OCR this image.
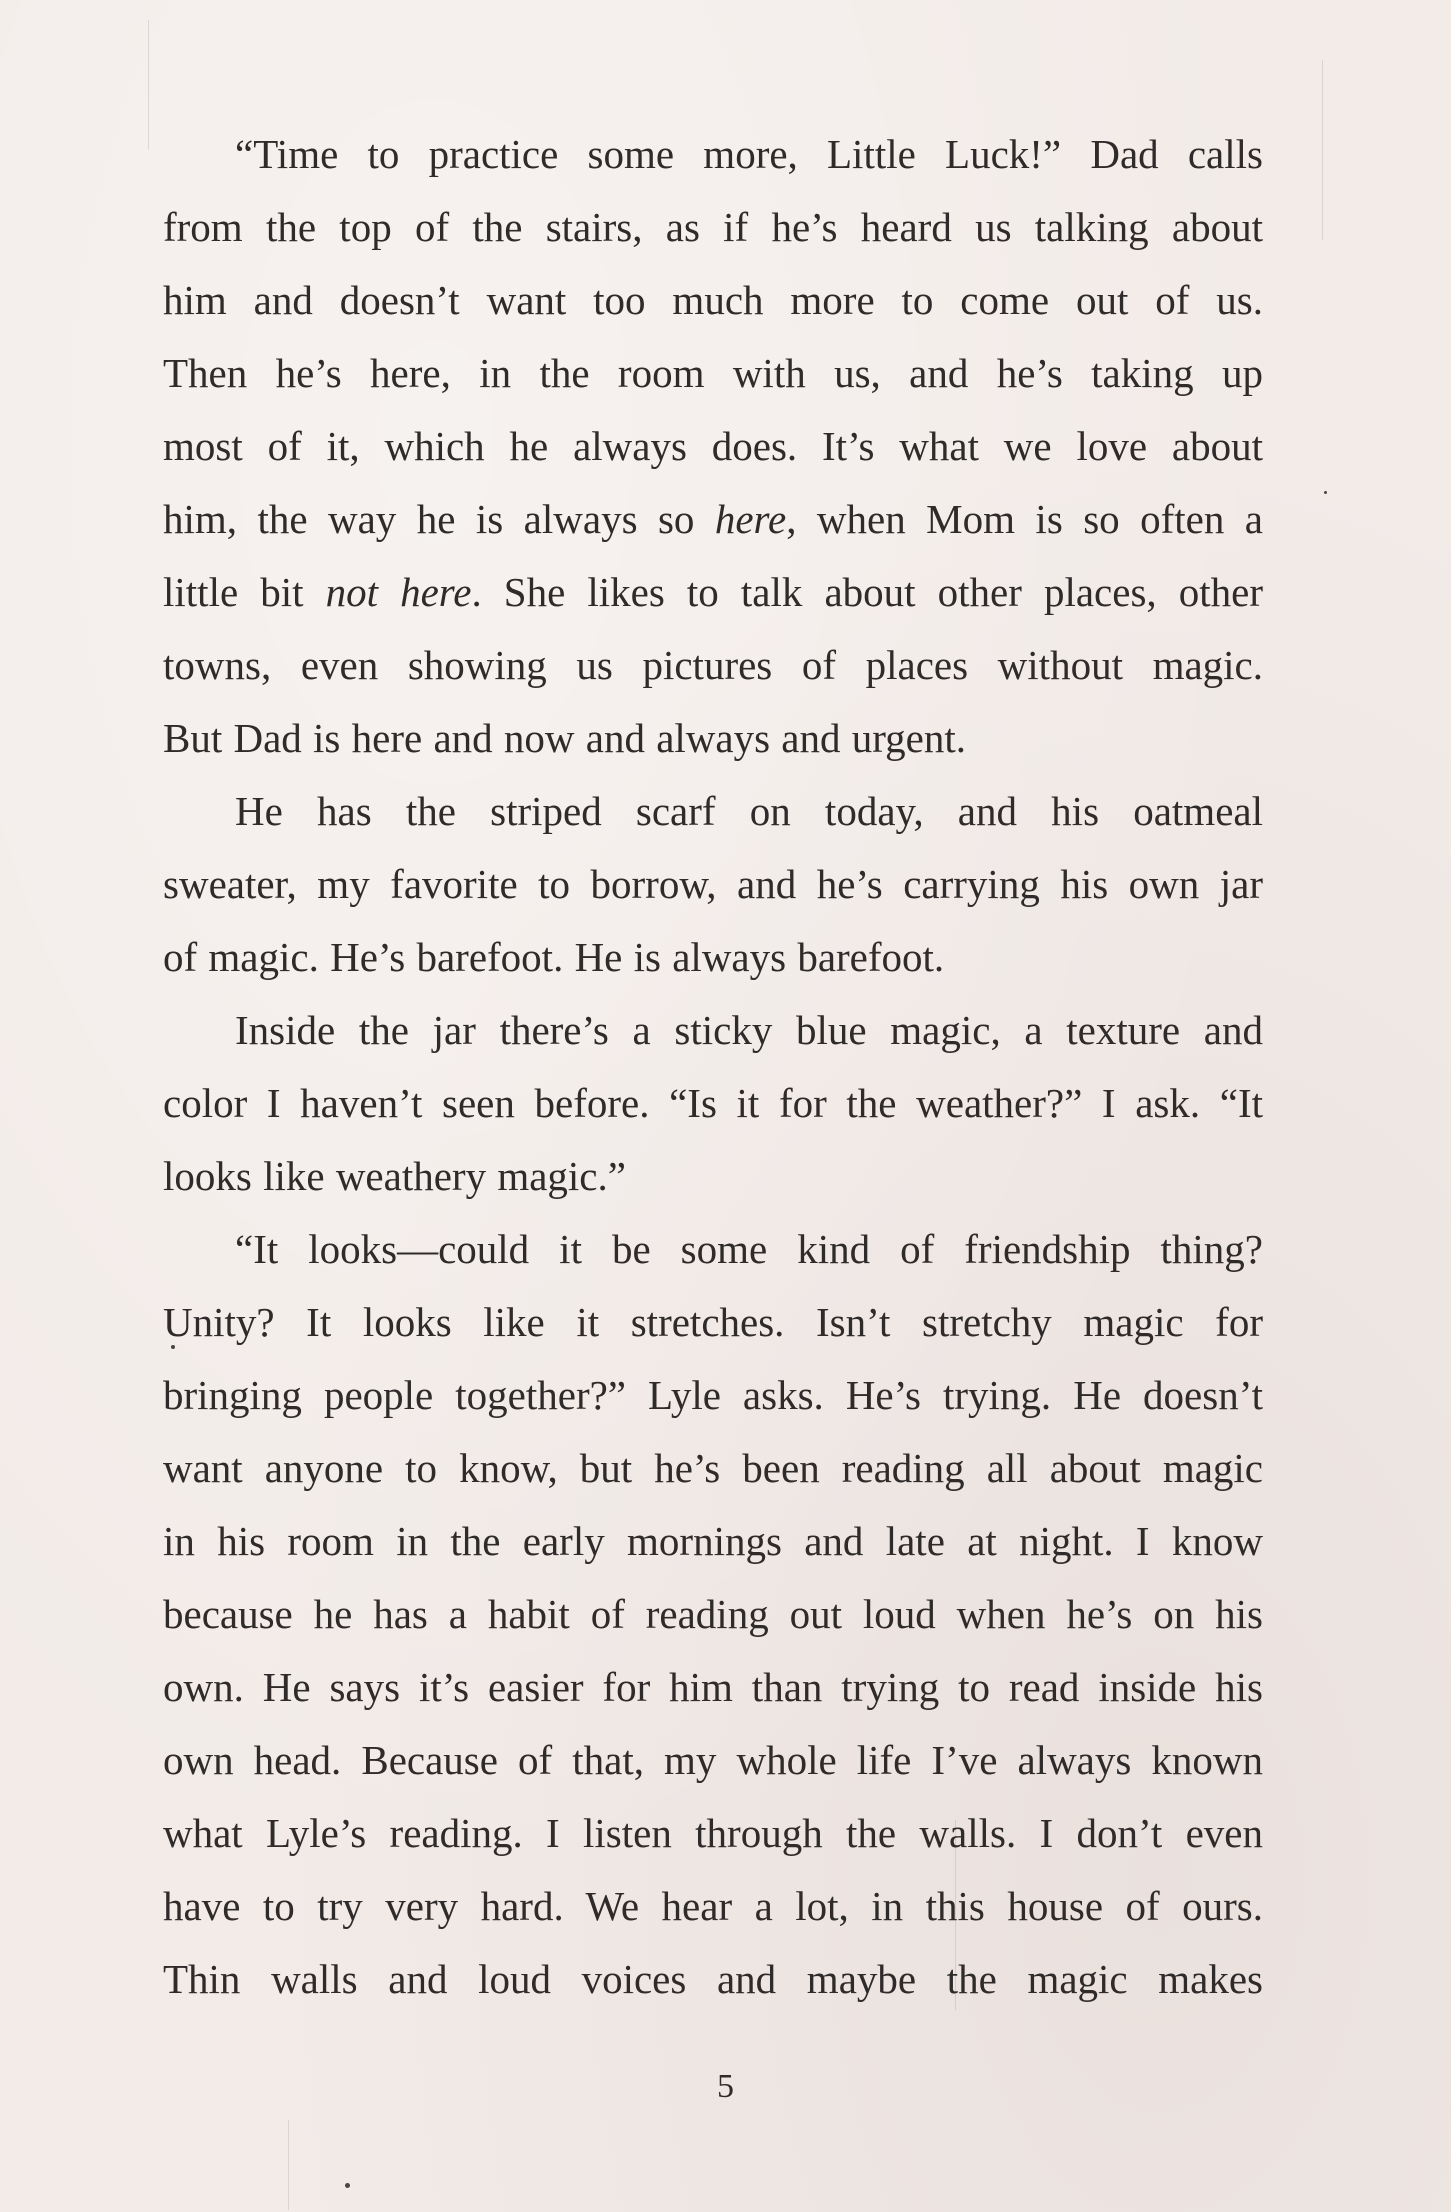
“Time to practice some more, Little Luck!” Dad calls
from the top of the stairs, as if he’s heard us talking about
him and doesn’t want too much more to come out of us.
Then he’s here, in the room with us, and he’s taking up
most of it, which he always does. It’s what we love about
him, the way he is always so here, when Mom is so often a
little bit not here. She likes to talk about other places, other
towns, even showing us pictures of places without magic.
But Dad is here and now and always and urgent.
He has the striped scarf on today, and his oatmeal
sweater, my favorite to borrow, and he’s carrying his own jar
of magic. He’s barefoot. He is always barefoot.
Inside the jar there’s a sticky blue magic, a texture and
color I haven’t seen before. “Is it for the weather?” I ask. “It
looks like weathery magic.”
“It looks—could it be some kind of friendship thing?
Unity? It looks like it stretches. Isn’t stretchy magic for
bringing people together?” Lyle asks. He’s trying. He doesn’t
want anyone to know, but he’s been reading all about magic
in his room in the early mornings and late at night. I know
because he has a habit of reading out loud when he’s on his
own. He says it’s easier for him than trying to read inside his
own head. Because of that, my whole life I’ve always known
what Lyle’s reading. I listen through the walls. I don’t even
have to try very hard. We hear a lot, in this house of ours.
Thin walls and loud voices and maybe the magic makes
5
